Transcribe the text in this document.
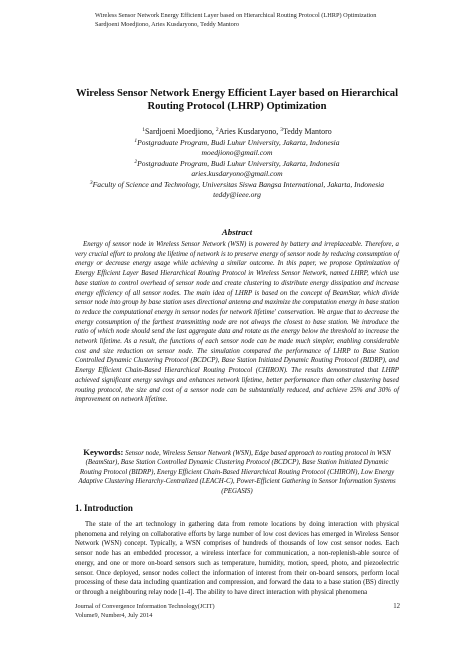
Wireless Sensor Network Energy Efficient Layer based on Hierarchical Routing Protocol (LHRP) Optimization
Sardjoeni Moedjiono, Aries Kusdaryono, Teddy Mantoro
Wireless Sensor Network Energy Efficient Layer based on Hierarchical
Routing Protocol (LHRP) Optimization
$^1$Sardjoeni Moedjiono, $^2$Aries Kusdaryono, $^3$Teddy Mantoro
$^1$Postgraduate Program, Budi Luhur University, Jakarta, Indonesia
moedjiono@gmail.com
$^2$Postgraduate Program, Budi Luhur University, Jakarta, Indonesia
aries.kusdaryono@gmail.com
$^3$Faculty of Science and Technology, Universitas Siswa Bangsa International, Jakarta, Indonesia
teddy@ieee.org
Abstract

Energy of sensor node in Wireless Sensor Network (WSN) is powered by battery and irreplaceable. Therefore, a very crucial effort to prolong the lifetime of network is to preserve energy of sensor node by reducing consumption of energy or decrease energy usage while achieving a similar outcome. In this paper, we propose Optimization of Energy Efficient Layer Based Hierarchical Routing Protocol in Wireless Sensor Network, named LHRP, which use base station to control overhead of sensor node and create clustering to distribute energy dissipation and increase energy efficiency of all sensor nodes. The main idea of LHRP is based on the concept of BeamStar, which divide sensor node into group by base station uses directional antenna and maximize the computation energy in base station to reduce the computational energy in sensor nodes for network lifetime' conservation. We argue that to decrease the energy consumption of the farthest transmitting node are not always the closest to base station. We introduce the ratio of which node should send the last aggregate data and rotate as the energy below the threshold to increase the network lifetime. As a result, the functions of each sensor node can be made much simpler, enabling considerable cost and size reduction on sensor node. The simulation compared the performance of LHRP to Base Station Controlled Dynamic Clustering Protocol (BCDCP), Base Station Initiated Dynamic Routing Protocol (BIDRP), and Energy Efficient Chain-Based Hierarchical Routing Protocol (CHIRON). The results demonstrated that LHRP achieved significant energy savings and enhances network lifetime, better performance than other clustering based routing protocol, the size and cost of a sensor node can be substantially reduced, and achieve 25% and 30% of improvement on network lifetime.

Keywords: Sensor node, Wireless Sensor Network (WSN), Edge based approach to routing protocol in WSN (BeamStar), Base Station Controlled Dynamic Clustering Protocol (BCDCP), Base Station Initiated Dynamic Routing Protocol (BIDRP), Energy Efficient Chain-Based Hierarchical Routing Protocol (CHIRON), Low Energy Adaptive Clustering Hierarchy-Centralized (LEACH-C), Power-Efficient Gathering in Sensor Information Systems (PEGASIS)

1. Introduction

The state of the art technology in gathering data from remote locations by doing interaction with physical phenomena and relying on collaborative efforts by large number of low cost devices has emerged in Wireless Sensor Network (WSN) concept. Typically, a WSN comprises of hundreds of thousands of low cost sensor nodes. Each sensor node has an embedded processor, a wireless interface for communication, a non-replenish-able source of energy, and one or more on-board sensors such as temperature, humidity, motion, speed, photo, and piezoelectric sensor. Once deployed, sensor nodes collect the information of interest from their on-board sensors, perform local processing of these data including quantization and compression, and forward the data to a base station (BS) directly or through a neighbouring relay node [1-4]. The ability to have direct interaction with physical phenomena

Journal of Convergence Information Technology(JCIT)
Volume9, Number4, July 2014
12
